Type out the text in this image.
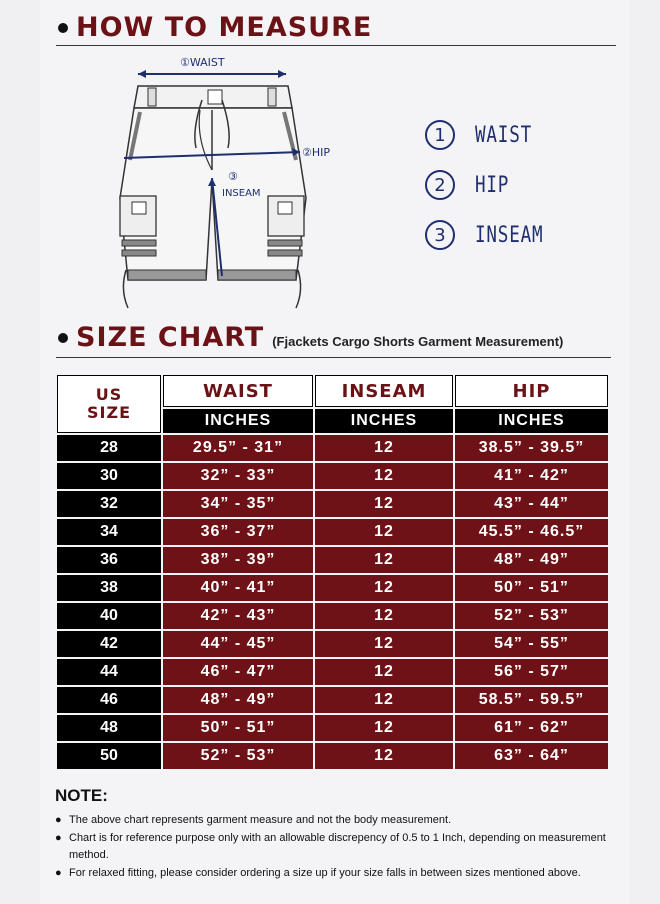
HOW TO MEASURE
①WAIST
②HIP
③
INSEAM
1	WAIST
2	HIP
3	INSEAM
SIZE CHART (Fjackets Cargo Shorts Garment Measurement)
US
SIZE	WAIST	INSEAM	HIP
	INCHES	INCHES	INCHES
28	29.5” - 31”	12	38.5” - 39.5”
30	32” - 33”	12	41” - 42”
32	34” - 35”	12	43” - 44”
34	36” - 37”	12	45.5” - 46.5”
36	38” - 39”	12	48” - 49”
38	40” - 41”	12	50” - 51”
40	42” - 43”	12	52” - 53”
42	44” - 45”	12	54” - 55”
44	46” - 47”	12	56” - 57”
46	48” - 49”	12	58.5” - 59.5”
48	50” - 51”	12	61” - 62”
50	52” - 53”	12	63” - 64”
NOTE:
● The above chart represents garment measure and not the body measurement.
● Chart is for reference purpose only with an allowable discrepency of 0.5 to 1 Inch, depending on measurement method.
● For relaxed fitting, please consider ordering a size up if your size falls in between sizes mentioned above.
